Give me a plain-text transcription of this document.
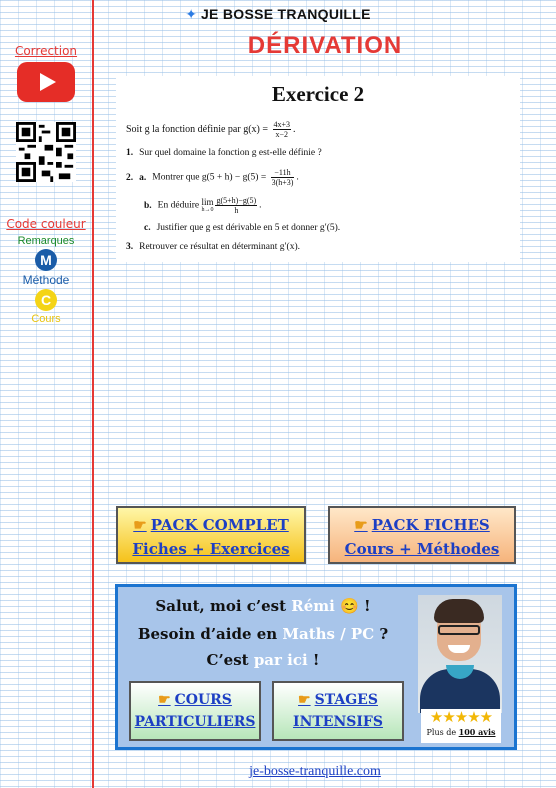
✦ JE BOSSE TRANQUILLE
DÉRIVATION
Correction
Code couleur
Remarques
M
Méthode
C
Cours
Exercice 2
Soit g la fonction définie par $g(x) = \frac{4x+3}{x-2}$ .
1. Sur quel domaine la fonction g est-elle définie ?
2. a. Montrer que $g(5 + h) - g(5) = \frac{-11h}{3(h+3)}$ .
b. En déduire lim
$h\to 0 \frac{g(5+h)-g(5)}{h}$ .
c. Justifier que g est dérivable en 5 et donner g′(5).
3. Retrouver ce résultat en déterminant g′(x).
☛ PACK COMPLET
Fiches + Exercices
☛ PACK FICHES
Cours + Méthodes
Salut, moi c’est Rémi 😊 !
Besoin d’aide en Maths / PC ?
C’est par ici !
☛ COURS
PARTICULIERS
☛ STAGES
INTENSIFS	★★★★★
Plus de 100 avis
je-bosse-tranquille.com
